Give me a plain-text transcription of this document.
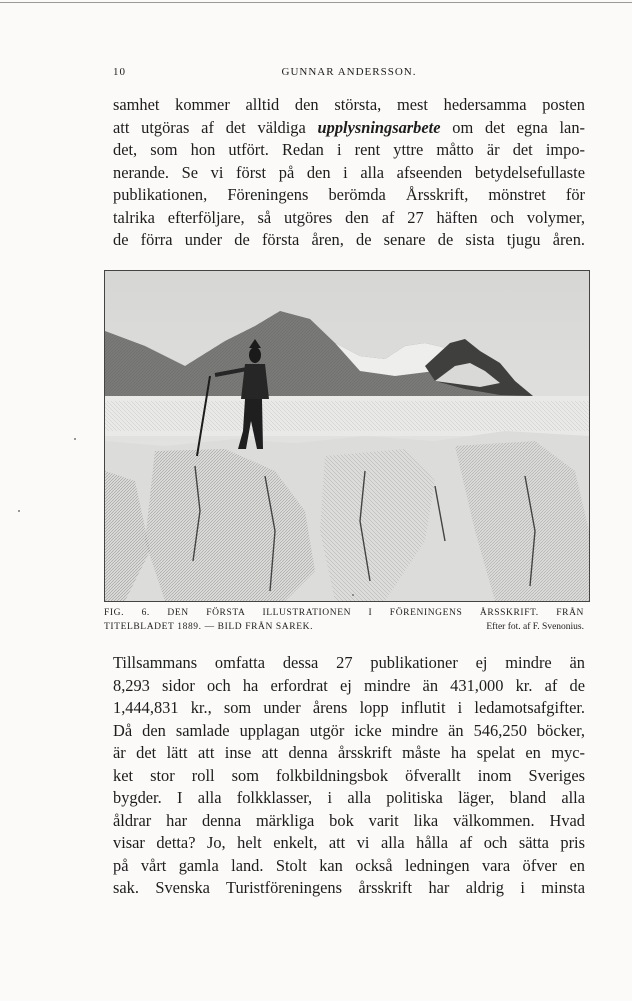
10	GUNNAR ANDERSSON.
samhet kommer alltid den största, mest hedersamma posten
att utgöras af det väldiga upplysningsarbete om det egna lan-
det, som hon utfört. Redan i rent yttre måtto är det impo-
nerande. Se vi först på den i alla afseenden betydelsefullaste
publikationen, Föreningens berömda Årsskrift, mönstret för
talrika efterföljare, så utgöres den af 27 häften och volymer,
de förra under de första åren, de senare de sista tjugu åren.
FIG. 6. DEN FÖRSTA ILLUSTRATIONEN I FÖRENINGENS ÅRSSKRIFT. FRÅN
TITELBLADET 1889. — BILD FRÅN SAREK.	Efter fot. af F. Svenonius.
Tillsammans omfatta dessa 27 publikationer ej mindre än
8,293 sidor och ha erfordrat ej mindre än 431,000 kr. af de
1,444,831 kr., som under årens lopp influtit i ledamotsafgifter.
Då den samlade upplagan utgör icke mindre än 546,250 böcker,
är det lätt att inse att denna årsskrift måste ha spelat en myc-
ket stor roll som folkbildningsbok öfverallt inom Sveriges
bygder. I alla folkklasser, i alla politiska läger, bland alla
åldrar har denna märkliga bok varit lika välkommen. Hvad
visar detta? Jo, helt enkelt, att vi alla hålla af och sätta pris
på vårt gamla land. Stolt kan också ledningen vara öfver en
sak. Svenska Turistföreningens årsskrift har aldrig i minsta
